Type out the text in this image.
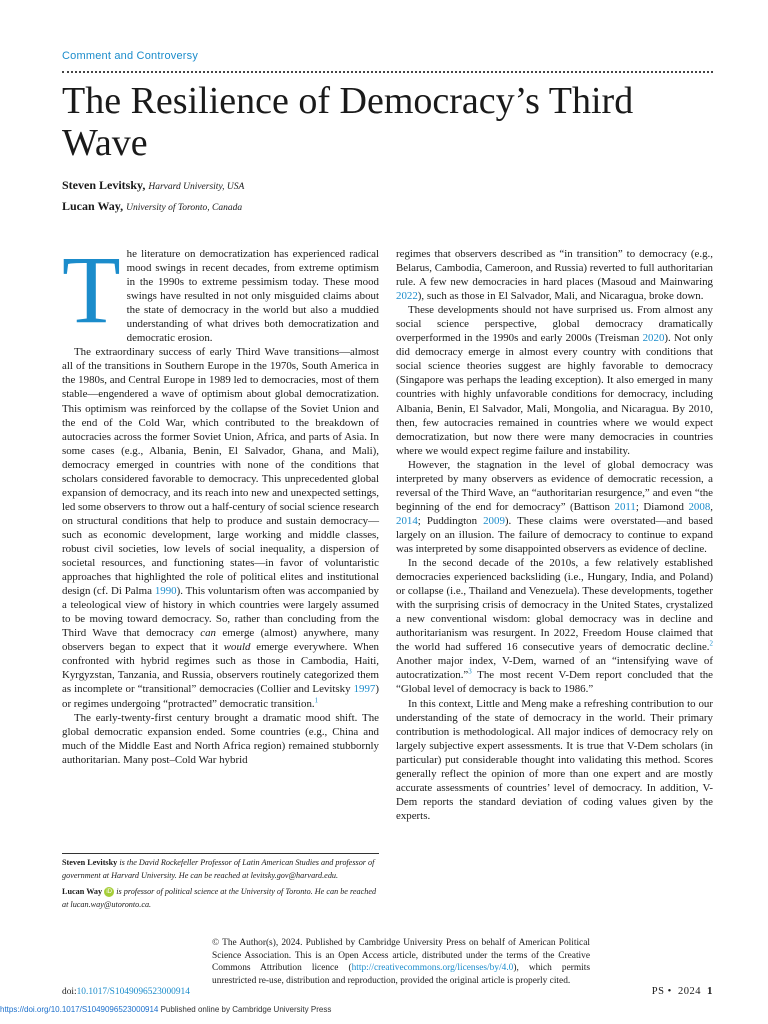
Comment and Controversy
The Resilience of Democracy’s Third Wave
Steven Levitsky, Harvard University, USA
Lucan Way, University of Toronto, Canada

The literature on democratization has experienced radical mood swings in recent decades, from extreme optimism in the 1990s to extreme pessimism today. These mood swings have resulted in not only misguided claims about the state of democracy in the world but also a muddied understanding of what drives both democratization and democratic erosion.

The extraordinary success of early Third Wave transitions—almost all of the transitions in Southern Europe in the 1970s, South America in the 1980s, and Central Europe in 1989 led to democracies, most of them stable—engendered a wave of optimism about global democratization. This optimism was reinforced by the collapse of the Soviet Union and the end of the Cold War, which contributed to the breakdown of autocracies across the former Soviet Union, Africa, and parts of Asia. In some cases (e.g., Albania, Benin, El Salvador, Ghana, and Mali), democracy emerged in countries with none of the conditions that scholars considered favorable to democracy. This unprecedented global expansion of democracy, and its reach into new and unexpected settings, led some observers to throw out a half-century of social science research on structural conditions that help to produce and sustain democracy—such as economic development, large working and middle classes, robust civil societies, low levels of social inequality, a dispersion of societal resources, and functioning states—in favor of voluntaristic approaches that highlighted the role of political elites and institutional design (cf. Di Palma 1990). This voluntarism often was accompanied by a teleological view of history in which countries were largely assumed to be moving toward democracy. So, rather than concluding from the Third Wave that democracy can emerge (almost) anywhere, many observers began to expect that it would emerge everywhere. When confronted with hybrid regimes such as those in Cambodia, Haiti, Kyrgyzstan, Tanzania, and Russia, observers routinely categorized them as incomplete or “transitional” democracies (Collier and Levitsky 1997) or regimes undergoing “protracted” democratic transition.$^1$

The early-twenty-first century brought a dramatic mood shift. The global democratic expansion ended. Some countries (e.g., China and much of the Middle East and North Africa region) remained stubbornly authoritarian. Many post–Cold War hybrid

regimes that observers described as “in transition” to democracy (e.g., Belarus, Cambodia, Cameroon, and Russia) reverted to full authoritarian rule. A few new democracies in hard places (Masoud and Mainwaring 2022), such as those in El Salvador, Mali, and Nicaragua, broke down.

These developments should not have surprised us. From almost any social science perspective, global democracy dramatically overperformed in the 1990s and early 2000s (Treisman 2020). Not only did democracy emerge in almost every country with conditions that social science theories suggest are highly favorable to democracy (Singapore was perhaps the leading exception). It also emerged in many countries with highly unfavorable conditions for democracy, including Albania, Benin, El Salvador, Mali, Mongolia, and Nicaragua. By 2010, then, few autocracies remained in countries where we would expect democratization, but now there were many democracies in countries where we would expect regime failure and instability.

However, the stagnation in the level of global democracy was interpreted by many observers as evidence of democratic recession, a reversal of the Third Wave, an “authoritarian resurgence,” and even “the beginning of the end for democracy” (Battison 2011; Diamond 2008, 2014; Puddington 2009). These claims were overstated—and based largely on an illusion. The failure of democracy to continue to expand was interpreted by some disappointed observers as evidence of decline.

In the second decade of the 2010s, a few relatively established democracies experienced backsliding (i.e., Hungary, India, and Poland) or collapse (i.e., Thailand and Venezuela). These developments, together with the surprising crisis of democracy in the United States, crystalized a new conventional wisdom: global democracy was in decline and authoritarianism was resurgent. In 2022, Freedom House claimed that the world had suffered 16 consecutive years of democratic decline.$^2$ Another major index, V-Dem, warned of an “intensifying wave of autocratization.”$^3$ The most recent V-Dem report concluded that the “Global level of democracy is back to 1986.”

In this context, Little and Meng make a refreshing contribution to our understanding of the state of democracy in the world. Their primary contribution is methodological. All major indices of democracy rely on largely subjective expert assessments. It is true that V-Dem scholars (in particular) put considerable thought into validating this method. Scores generally reflect the opinion of more than one expert and are mostly accurate assessments of countries’ level of democracy. In addition, V-Dem reports the standard deviation of coding values given by the experts.

Steven Levitsky is the David Rockefeller Professor of Latin American Studies and professor of government at Harvard University. He can be reached at levitsky.gov@harvard.edu.

Lucan Way iD is professor of political science at the University of Toronto. He can be reached at lucan.way@utoronto.ca.

© The Author(s), 2024. Published by Cambridge University Press on behalf of American Political Science Association. This is an Open Access article, distributed under the terms of the Creative Commons Attribution licence (http://creativecommons.org/licenses/by/4.0), which permits unrestricted re-use, distribution and reproduction, provided the original article is properly cited.
doi:10.1017/S1049096523000914	PS • 2024 1
https://doi.org/10.1017/S1049096523000914 Published online by Cambridge University Press
